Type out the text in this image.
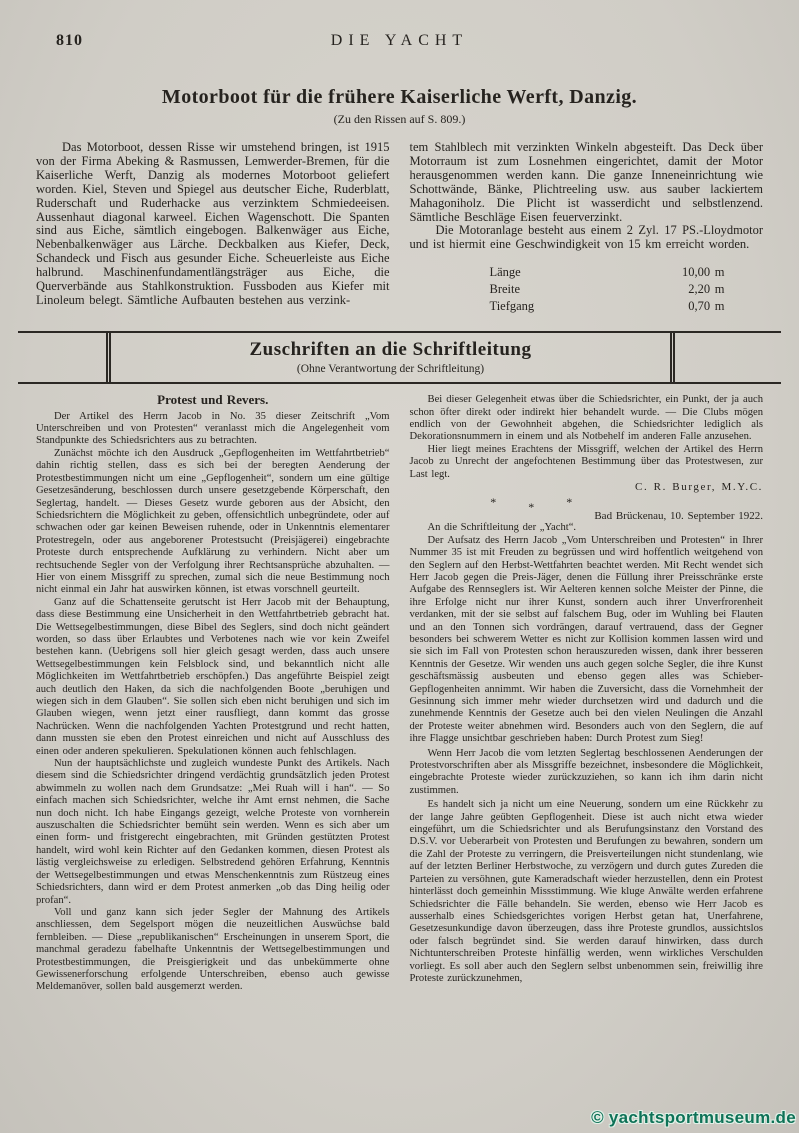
810	DIE YACHT
Motorboot für die frühere Kaiserliche Werft, Danzig.
(Zu den Rissen auf S. 809.)

Das Motorboot, dessen Risse wir umstehend bringen, ist 1915 von der Firma Abeking & Rasmussen, Lemwerder-Bremen, für die Kaiserliche Werft, Danzig als modernes Motorboot geliefert worden. Kiel, Steven und Spiegel aus deutscher Eiche, Ruderblatt, Ruderschaft und Ruderhacke aus verzinktem Schmiedeeisen. Aussenhaut diagonal karweel. Eichen Wagenschott. Die Spanten sind aus Eiche, sämtlich eingebogen. Balkenwäger aus Eiche, Nebenbalkenwäger aus Lärche. Deckbalken aus Kiefer, Deck, Schandeck und Fisch aus gesunder Eiche. Scheuerleiste aus Eiche halbrund. Maschinenfundamentlängsträger aus Eiche, die Querverbände aus Stahlkonstruktion. Fussboden aus Kiefer mit Linoleum belegt. Sämtliche Aufbauten bestehen aus verzink-

tem Stahlblech mit verzinkten Winkeln abgesteift. Das Deck über Motorraum ist zum Losnehmen eingerichtet, damit der Motor herausgenommen werden kann. Die ganze Inneneinrichtung wie Schottwände, Bänke, Plichtreeling usw. aus sauber lackiertem Mahagoniholz. Die Plicht ist wasserdicht und selbstlenzend. Sämtliche Beschläge Eisen feuerverzinkt.

Die Motoranlage besteht aus einem 2 Zyl. 17 PS.-Lloydmotor und ist hiermit eine Geschwindigkeit von 15 km erreicht worden.

Länge	10,00 m
Breite	2,20 m
Tiefgang	0,70 m
Zuschriften an die Schriftleitung
(Ohne Verantwortung der Schriftleitung)
Protest und Revers.

Der Artikel des Herrn Jacob in No. 35 dieser Zeitschrift „Vom Unterschreiben und von Protesten“ veranlasst mich die Angelegenheit vom Standpunkte des Schiedsrichters aus zu betrachten.

Zunächst möchte ich den Ausdruck „Gepflogenheiten im Wettfahrtbetrieb“ dahin richtig stellen, dass es sich bei der beregten Aenderung der Protestbestimmungen nicht um eine „Gepflogenheit“, sondern um eine gültige Gesetzesänderung, beschlossen durch unsere gesetzgebende Körperschaft, den Seglertag, handelt. — Dieses Gesetz wurde geboren aus der Absicht, den Schiedsrichtern die Möglichkeit zu geben, offensichtlich unbegründete, oder auf schwachen oder gar keinen Beweisen ruhende, oder in Unkenntnis elementarer Protestregeln, oder aus angeborener Protestsucht (Preisjägerei) eingebrachte Proteste durch entsprechende Aufklärung zu verhindern. Nicht aber um rechtsuchende Segler von der Verfolgung ihrer Rechtsansprüche abzuhalten. — Hier von einem Missgriff zu sprechen, zumal sich die neue Bestimmung noch nicht einmal ein Jahr hat auswirken können, ist etwas vorschnell geurteilt.

Ganz auf die Schattenseite gerutscht ist Herr Jacob mit der Behauptung, dass diese Bestimmung eine Unsicherheit in den Wettfahrtbetrieb gebracht hat. Die Wettsegelbestimmungen, diese Bibel des Seglers, sind doch nicht geändert worden, so dass über Erlaubtes und Verbotenes nach wie vor kein Zweifel bestehen kann. (Uebrigens soll hier gleich gesagt werden, dass auch unsere Wettsegelbestimmungen kein Felsblock sind, und bekanntlich nicht alle Möglichkeiten im Wettfahrtbetrieb erschöpfen.) Das angeführte Beispiel zeigt auch deutlich den Haken, da sich die nachfolgenden Boote „beruhigen und wiegen sich in dem Glauben“. Sie sollen sich eben nicht beruhigen und sich im Glauben wiegen, wenn jetzt einer rausfliegt, dann kommt das grosse Nachrücken. Wenn die nachfolgenden Yachten Protestgrund und recht hatten, dann mussten sie eben den Protest einreichen und nicht auf Ausschluss des einen oder anderen spekulieren. Spekulationen können auch fehlschlagen.

Nun der hauptsächlichste und zugleich wundeste Punkt des Artikels. Nach diesem sind die Schiedsrichter dringend verdächtig grundsätzlich jeden Protest abwimmeln zu wollen nach dem Grundsatze: „Mei Ruah will i han“. — So einfach machen sich Schiedsrichter, welche ihr Amt ernst nehmen, die Sache nun doch nicht. Ich habe Eingangs gezeigt, welche Proteste von vornherein auszuschalten die Schiedsrichter bemüht sein werden. Wenn es sich aber um einen form- und fristgerecht eingebrachten, mit Gründen gestützten Protest handelt, wird wohl kein Richter auf den Gedanken kommen, diesen Protest als lästig vergleichsweise zu erledigen. Selbstredend gehören Erfahrung, Kenntnis der Wettsegelbestimmungen und etwas Menschenkenntnis zum Rüstzeug eines Schiedsrichters, dann wird er dem Protest anmerken „ob das Ding heilig oder profan“.

Voll und ganz kann sich jeder Segler der Mahnung des Artikels anschliessen, dem Segelsport mögen die neuzeitlichen Auswüchse bald fernbleiben. — Diese „republikanischen“ Erscheinungen in unserem Sport, die manchmal geradezu fabelhafte Unkenntnis der Wettsegelbestimmungen und Protestbestimmungen, die Preisgierigkeit und das unbekümmerte ohne Gewissenerforschung erfolgende Unterschreiben, ebenso auch gewisse Meldemanöver, sollen bald ausgemerzt werden.

Bei dieser Gelegenheit etwas über die Schiedsrichter, ein Punkt, der ja auch schon öfter direkt oder indirekt hier behandelt wurde. — Die Clubs mögen endlich von der Gewohnheit abgehen, die Schiedsrichter lediglich als Dekorationsnummern in einem und als Notbehelf im anderen Falle anzusehen.

Hier liegt meines Erachtens der Missgriff, welchen der Artikel des Herrn Jacob zu Unrecht der angefochtenen Bestimmung über das Protestwesen, zur Last legt.

C. R. Burger, M.Y.C.

*	*	*

Bad Brückenau, 10. September 1922.

An die Schriftleitung der „Yacht“.

Der Aufsatz des Herrn Jacob „Vom Unterschreiben und Protesten“ in Ihrer Nummer 35 ist mit Freuden zu begrüssen und wird hoffentlich weitgehend von den Seglern auf den Herbst-Wettfahrten beachtet werden. Mit Recht wendet sich Herr Jacob gegen die Preis-Jäger, denen die Füllung ihrer Preisschränke erste Aufgabe des Rennseglers ist. Wir Aelteren kennen solche Meister der Pinne, die ihre Erfolge nicht nur ihrer Kunst, sondern auch ihrer Unverfrorenheit verdanken, mit der sie selbst auf falschem Bug, oder im Wuhling bei Flauten und an den Tonnen sich vordrängen, darauf vertrauend, dass der Gegner besonders bei schwerem Wetter es nicht zur Kollision kommen lassen wird und sie sich im Fall von Protesten schon herauszureden wissen, dank ihrer besseren Kenntnis der Gesetze. Wir wenden uns auch gegen solche Segler, die ihre Kunst geschäftsmässig ausbeuten und ebenso gegen alles was Schieber-Gepflogenheiten annimmt. Wir haben die Zuversicht, dass die Vornehmheit der Gesinnung sich immer mehr wieder durchsetzen wird und dadurch und die zunehmende Kenntnis der Gesetze auch bei den vielen Neulingen die Anzahl der Proteste weiter abnehmen wird. Besonders auch von den Seglern, die auf ihre Flagge unsichtbar geschrieben haben: Durch Protest zum Sieg!

Wenn Herr Jacob die vom letzten Seglertag beschlossenen Aenderungen der Protestvorschriften aber als Missgriffe bezeichnet, insbesondere die Möglichkeit, eingebrachte Proteste wieder zurückzuziehen, so kann ich ihm darin nicht zustimmen.

Es handelt sich ja nicht um eine Neuerung, sondern um eine Rückkehr zu der lange Jahre geübten Gepflogenheit. Diese ist auch nicht etwa wieder eingeführt, um die Schiedsrichter und als Berufungsinstanz den Vorstand des D.S.V. vor Ueberarbeit von Protesten und Berufungen zu bewahren, sondern um die Zahl der Proteste zu verringern, die Preisverteilungen nicht stundenlang, wie auf der letzten Berliner Herbstwoche, zu verzögern und durch gutes Zureden die Parteien zu versöhnen, gute Kameradschaft wieder herzustellen, denn ein Protest hinterlässt doch gemeinhin Missstimmung. Wie kluge Anwälte werden erfahrene Schiedsrichter die Fälle behandeln. Sie werden, ebenso wie Herr Jacob es ausserhalb eines Schiedsgerichtes vorigen Herbst getan hat, Unerfahrene, Gesetzesunkundige davon überzeugen, dass ihre Proteste grundlos, aussichtslos oder falsch begründet sind. Sie werden darauf hinwirken, dass durch Nichtunterschreiben Proteste hinfällig werden, wenn wirkliches Verschulden vorliegt. Es soll aber auch den Seglern selbst unbenommen sein, freiwillig ihre Proteste zurückzunehmen,

© yachtsportmuseum.de
